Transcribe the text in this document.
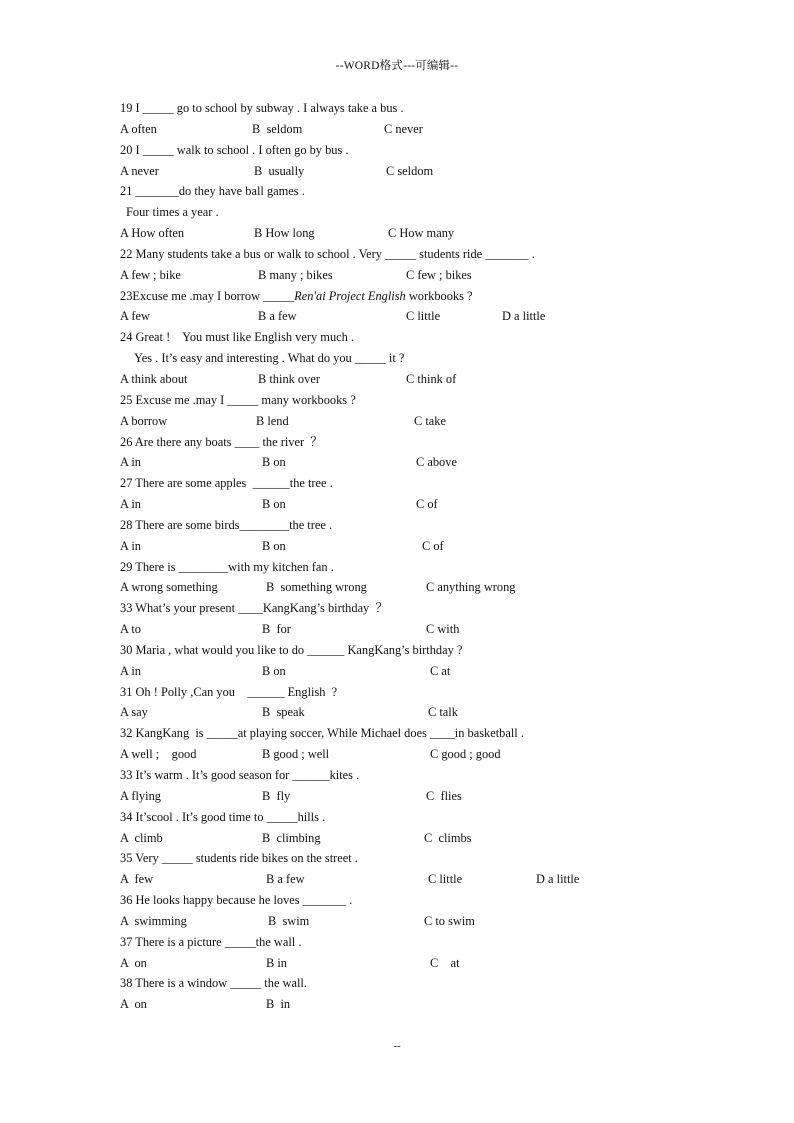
--WORD格式---可编辑--
19 I _____ go to school by subway . I always take a bus .
A often	B  seldom	C never
20 I _____ walk to school . I often go by bus .
A never	B  usually	C seldom
21 _______do they have ball games .
Four times a year .
A How often	B How long	C How many
22 Many students take a bus or walk to school . Very _____ students ride _______ .
A few ; bike	B many ; bikes	C few ; bikes
23Excuse me .may I borrow _____Ren'ai Project English workbooks ?
A few	B a few	C little	D a little
24 Great !    You must like English very much .
Yes . It’s easy and interesting . What do you _____ it ?
A think about	B think over	C think of
25 Excuse me .may I _____ many workbooks ?
A borrow	B lend	C take
26 Are there any boats ____ the river  ？
A in	B on	C above
27 There are some apples  ______the tree .
A in	B on	C of
28 There are some birds________the tree .
A in	B on	C of
29 There is ________with my kitchen fan .
A wrong something	B  something wrong	C anything wrong
33 What’s your present ____KangKang’s birthday  ？
A to	B  for	C with
30 Maria , what would you like to do ______ KangKang’s birthday ?
A in	B on	C at
31 Oh ! Polly ,Can you    ______ English  ?
A say	B  speak	C talk
32 KangKang  is _____at playing soccer, While Michael does ____in basketball .
A well ;    good	B good ; well	C good ; good
33 It’s warm . It’s good season for ______kites .
A flying	B  fly	C  flies
34 It’scool . It’s good time to _____hills .
A  climb	B  climbing	C  climbs
35 Very _____ students ride bikes on the street .
A  few	B a few	C little	D a little
36 He looks happy because he loves _______ .
A  swimming	B  swim	C to swim
37 There is a picture _____the wall .
A  on	B in	C    at
38 There is a window _____ the wall.
A  on	B  in
--
